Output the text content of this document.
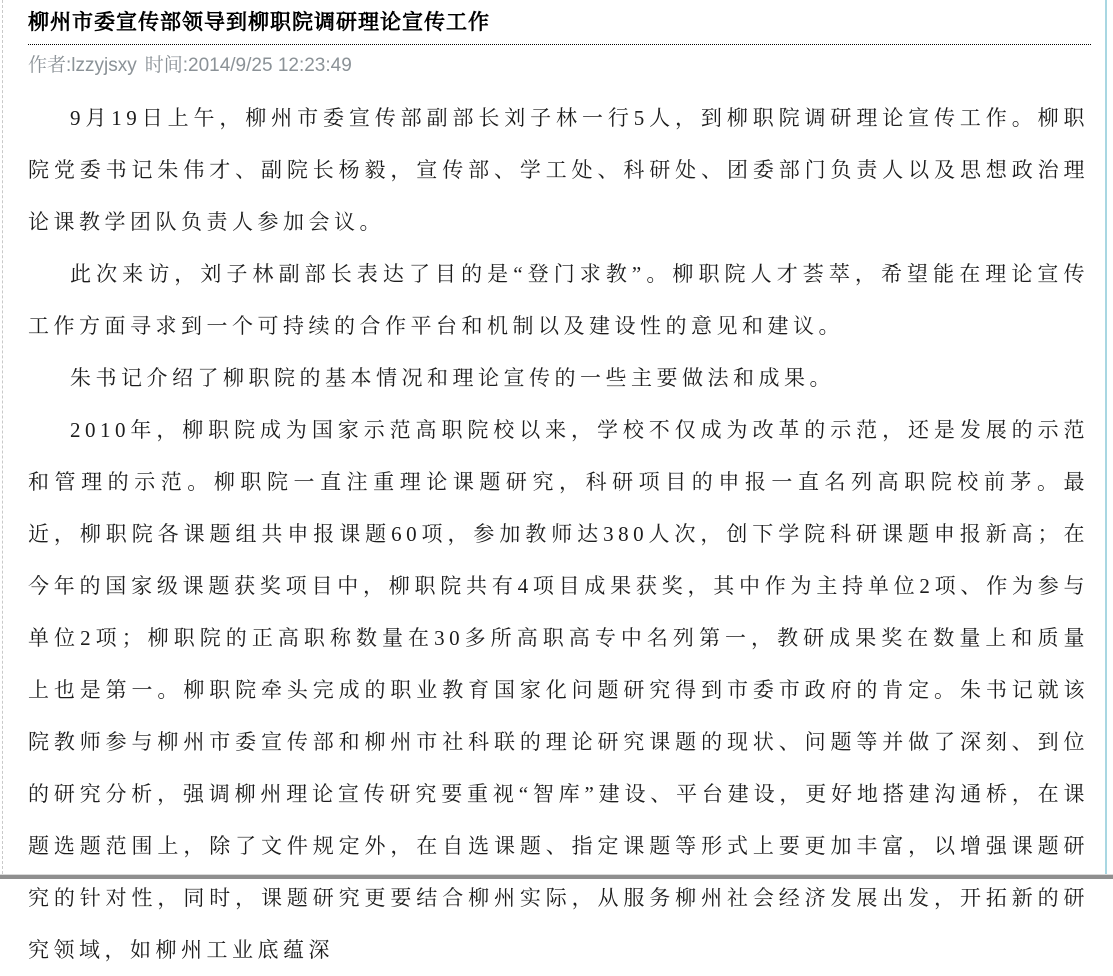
柳州市委宣传部领导到柳职院调研理论宣传工作
作者:lzzyjsxy 时间:2014/9/25 12:23:49

9月19日上午，柳州市委宣传部副部长刘子林一行5人，到柳职院调研理论宣传工作。柳职院党委书记朱伟才、副院长杨毅，宣传部、学工处、科研处、团委部门负责人以及思想政治理论课教学团队负责人参加会议。

此次来访，刘子林副部长表达了目的是“登门求教”。柳职院人才荟萃，希望能在理论宣传工作方面寻求到一个可持续的合作平台和机制以及建设性的意见和建议。

朱书记介绍了柳职院的基本情况和理论宣传的一些主要做法和成果。

2010年，柳职院成为国家示范高职院校以来，学校不仅成为改革的示范，还是发展的示范和管理的示范。柳职院一直注重理论课题研究，科研项目的申报一直名列高职院校前茅。最近，柳职院各课题组共申报课题60项，参加教师达380人次，创下学院科研课题申报新高；在今年的国家级课题获奖项目中，柳职院共有4项目成果获奖，其中作为主持单位2项、作为参与单位2项；柳职院的正高职称数量在30多所高职高专中名列第一，教研成果奖在数量上和质量上也是第一。柳职院牵头完成的职业教育国家化问题研究得到市委市政府的肯定。朱书记就该院教师参与柳州市委宣传部和柳州市社科联的理论研究课题的现状、问题等并做了深刻、到位的研究分析，强调柳州理论宣传研究要重视“智库”建设、平台建设，更好地搭建沟通桥，在课题选题范围上，除了文件规定外，在自选课题、指定课题等形式上要更加丰富，以增强课题研究的针对性，同时，课题研究更要结合柳州实际，从服务柳州社会经济发展出发，开拓新的研究领域，如柳州工业底蕴深
